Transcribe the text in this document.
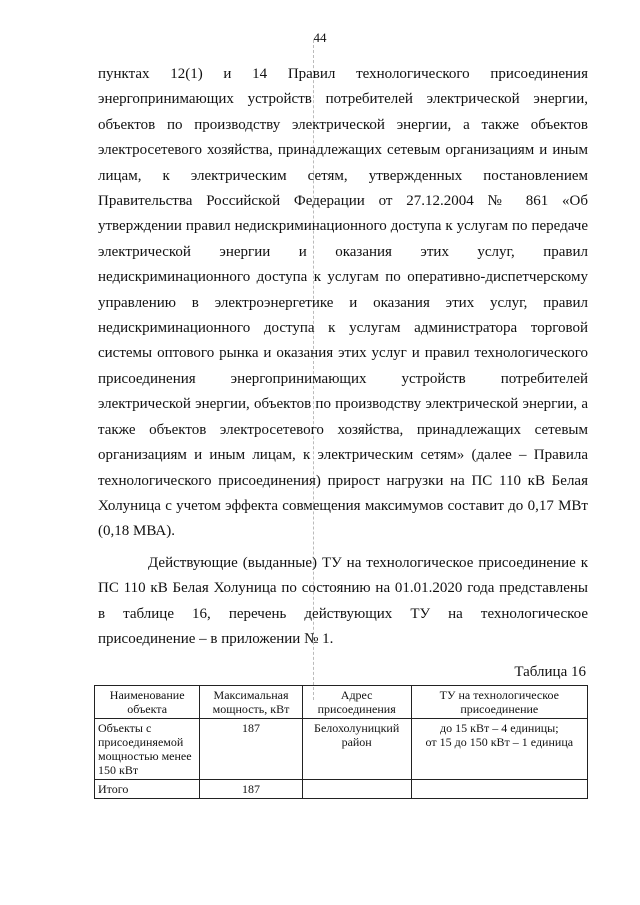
44

пунктах 12(1) и 14 Правил технологического присоединения энергопринимающих устройств потребителей электрической энергии, объектов по производству электрической энергии, а также объектов электросетевого хозяйства, принадлежащих сетевым организациям и иным лицам, к электрическим сетям, утвержденных постановлением Правительства Российской Федерации от 27.12.2004 № 861 «Об утверждении правил недискриминационного доступа к услугам по передаче электрической энергии и оказания этих услуг, правил недискриминационного доступа к услугам по оперативно-диспетчерскому управлению в электроэнергетике и оказания этих услуг, правил недискриминационного доступа к услугам администратора торговой системы оптового рынка и оказания этих услуг и правил технологического присоединения энергопринимающих устройств потребителей электрической энергии, объектов по производству электрической энергии, а также объектов электросетевого хозяйства, принадлежащих сетевым организациям и иным лицам, к электрическим сетям» (далее – Правила технологического присоединения) прирост нагрузки на ПС 110 кВ Белая Холуница с учетом эффекта совмещения максимумов составит до 0,17 МВт (0,18 МВА).

Действующие (выданные) ТУ на технологическое присоединение к ПС 110 кВ Белая Холуница по состоянию на 01.01.2020 года представлены в таблице 16, перечень действующих ТУ на технологическое присоединение – в приложении № 1.

Таблица 16
Наименование объекта	Максимальная мощность, кВт	Адрес присоединения	ТУ на технологическое присоединение
Объекты с присоединяемой мощностью менее 150 кВт	187	Белохолуницкий район	до 15 кВт – 4 единицы;
от 15 до 150 кВт – 1 единица

Итого	187		
